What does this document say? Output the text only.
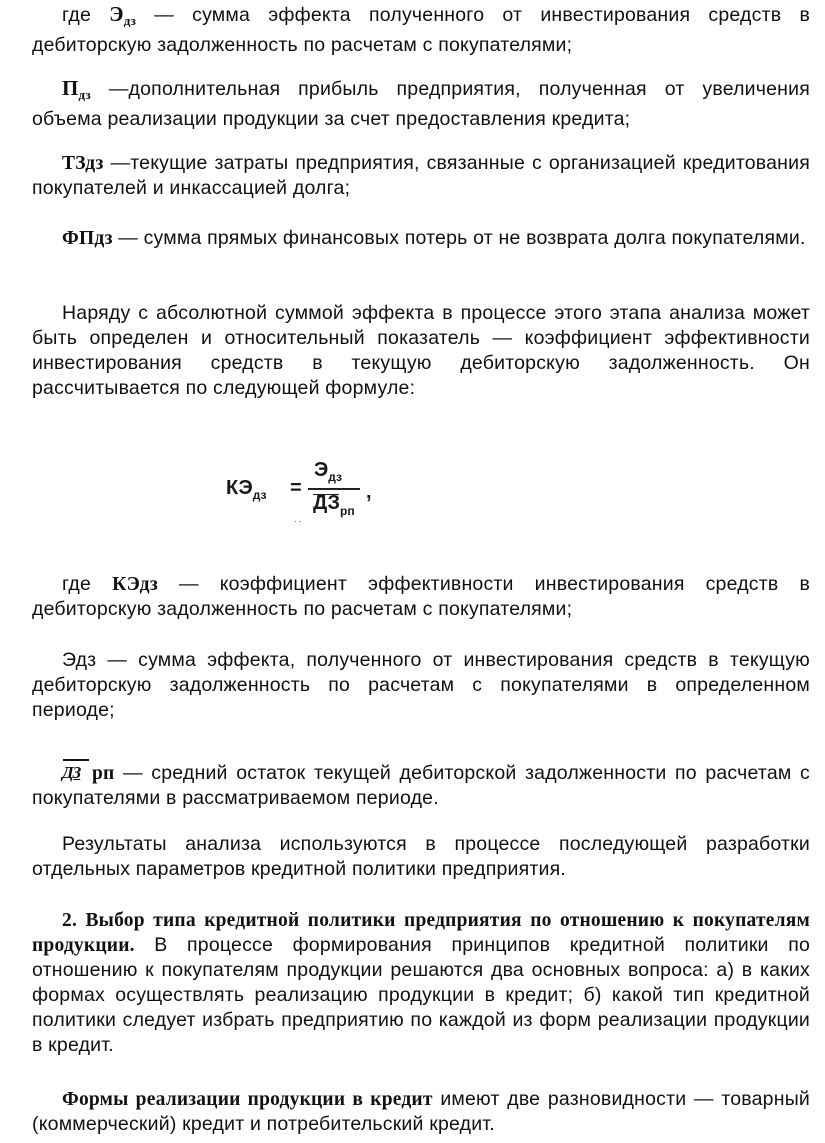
где $Э_{дз}$ — сумма эффекта полученного от инвестирования средств в дебиторскую задолженность по расчетам с покупателями;

$П_{дз}$ —дополнительная прибыль предприятия, полученная от увеличения объема реализации продукции за счет предоставления кредита;

ТЗдз —текущие затраты предприятия, связанные с организацией кредитования покупателей и инкассацией долга;

ФПдз — сумма прямых финансовых потерь от не возврата долга покупателями.

Наряду с абсолютной суммой эффекта в процессе этого этапа анализа может быть определен и относительный показатель — коэффициент эффективности инвестирования средств в текущую дебиторскую задолженность. Он рассчитывается по следующей формуле:

$КЭ_{дз}$ =
$Э_{дз}$
$ДЗ_{рп}$
,
· ·

где КЭдз — коэффициент эффективности инвестирования средств в дебиторскую задолженность по расчетам с покупателями;

Эдз — сумма эффекта, полученного от инвестирования средств в текущую дебиторскую задолженность по расчетам с покупателями в определенном периоде;

ДЗ рп — средний остаток текущей дебиторской задолженности по расчетам с покупателями в рассматриваемом периоде.

Результаты анализа используются в процессе последующей разработки отдельных параметров кредитной политики предприятия.

2. Выбор типа кредитной политики предприятия по отношению к покупателям продукции. В процессе формирования принципов кредитной политики по отношению к покупателям продукции решаются два основных вопроса: а) в каких формах осуществлять реализацию продукции в кредит; б) какой тип кредитной политики следует избрать предприятию по каждой из форм реализации продукции в кредит.

Формы реализации продукции в кредит имеют две разновидности — товарный (коммерческий) кредит и потребительский кредит.
